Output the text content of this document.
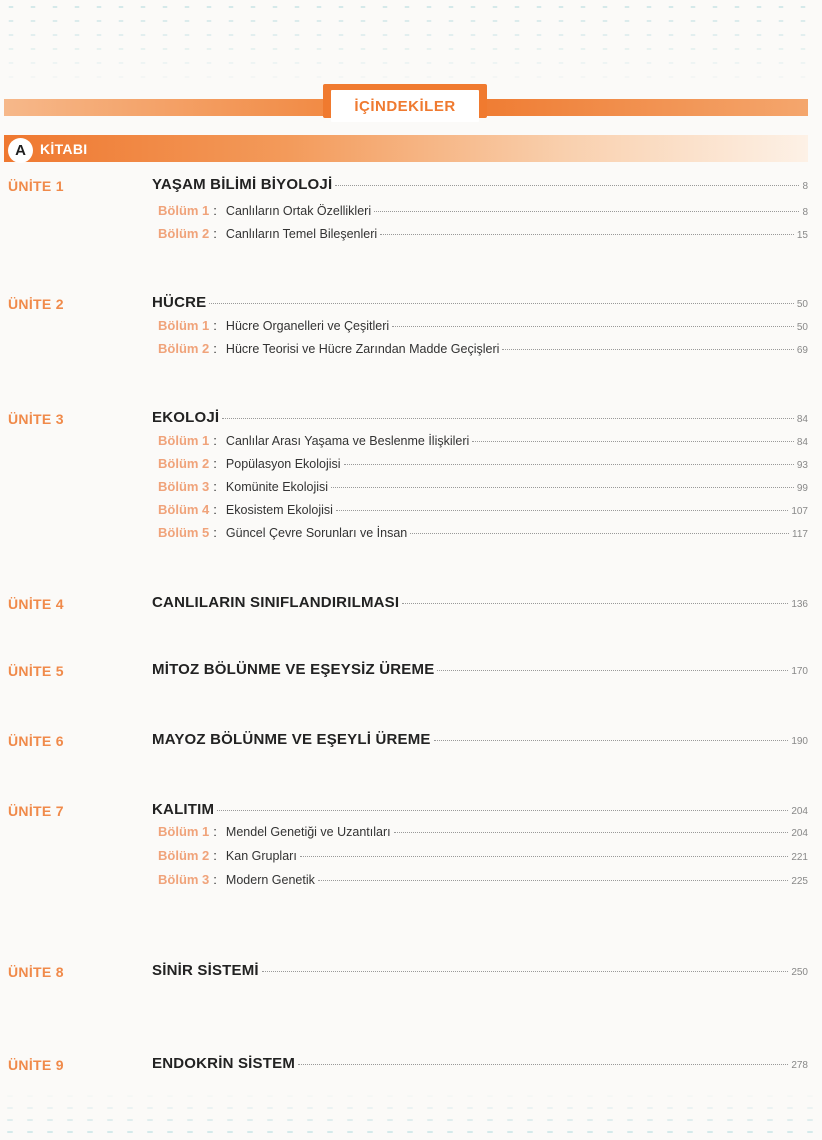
İÇİNDEKİLER
A	KİTABI
ÜNİTE 1	YAŞAM BİLİMİ BİYOLOJİ	8
Bölüm 1 : Canlıların Ortak Özellikleri	8
Bölüm 2 : Canlıların Temel Bileşenleri	15
ÜNİTE 2	HÜCRE	50
Bölüm 1 : Hücre Organelleri ve Çeşitleri	50
Bölüm 2 : Hücre Teorisi ve Hücre Zarından Madde Geçişleri	69
ÜNİTE 3	EKOLOJİ	84
Bölüm 1 : Canlılar Arası Yaşama ve Beslenme İlişkileri	84
Bölüm 2 : Popülasyon Ekolojisi	93
Bölüm 3 : Komünite Ekolojisi	99
Bölüm 4 : Ekosistem Ekolojisi	107
Bölüm 5 : Güncel Çevre Sorunları ve İnsan	117
ÜNİTE 4	CANLILARIN SINIFLANDIRILMASI	136
ÜNİTE 5	MİTOZ BÖLÜNME VE EŞEYSİZ ÜREME	170
ÜNİTE 6	MAYOZ BÖLÜNME VE EŞEYLİ ÜREME	190
ÜNİTE 7	KALITIM	204
Bölüm 1 : Mendel Genetiği ve Uzantıları	204
Bölüm 2 : Kan Grupları	221
Bölüm 3 : Modern Genetik	225
ÜNİTE 8	SİNİR SİSTEMİ	250
ÜNİTE 9	ENDOKRİN SİSTEM	278
